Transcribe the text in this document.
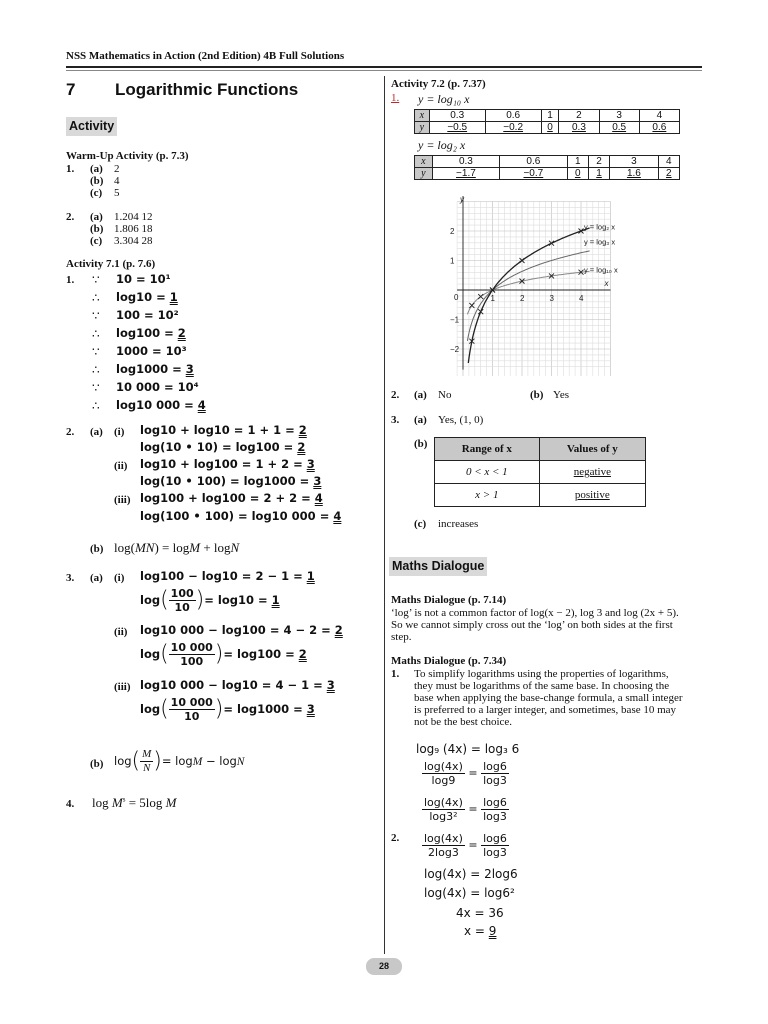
NSS Mathematics in Action (2nd Edition) 4B Full Solutions
7 Logarithmic Functions
Activity
Warm-Up Activity (p. 7.3)
1. (a) 2
(b) 4
(c) 5
2. (a) 1.204 12
(b) 1.806 18
(c) 3.304 28
Activity 7.1 (p. 7.6)
1. ∵ 10 = 10¹
∴ log10 = 1
∵ 100 = 10²
∴ log100 = 2
∵ 1000 = 10³
∴ log1000 = 3
∵ 10 000 = 10⁴
∴ log10 000 = 4
2. (a) (i) log10 + log10 = 1 + 1 = 2
log(10 • 10) = log100 = 2
(ii) log10 + log100 = 1 + 2 = 3
log(10 • 100) = log1000 = 3
(iii) log100 + log100 = 2 + 2 = 4
log(100 • 100) = log10 000 = 4
(b) log(MN) = logM + logN
3. (a) (i) log100 − log10 = 2 − 1 = 1
$\log( \frac{100}{10}$ )= log10 = 1
(ii) log10 000 − log100 = 4 − 2 = 2
$\log( \frac{10 000}{100}$ )= log100 = 2
(iii) log10 000 − log10 = 4 − 1 = 3
$\log( \frac{10 000}{10}$ )= log1000 = 3
(b) $\log( \frac{M}{N}$ )= logM − logN
4. $\log M^s = 5\log$ M
Activity 7.2 (p. 7.37)
1.	y = log₁₀ x
x	0.3	0.6	1	2	3	4
y	−0.5	−0.2	0	0.3	0.5	0.6
y = log₂ x
x	0.3	0.6	1	2	3	4
y	−1.7	−0.7	0	1	1.6	2
y
x
0	1	2	3	4
2
1
−1
−2
y = log₂ x
y = log₃ x
y = log₁₀ x
2. (a) No	(b) Yes
3. (a) Yes, (1, 0)
(b)	Range of x	Values of y
0 < x < 1	negative
x > 1	positive
(c) increases
Maths Dialogue
Maths Dialogue (p. 7.14)
‘log’ is not a common factor of log(x − 2), log 3 and log (2x + 5).
So we cannot simply cross out the ‘log’ on both sides at the first
step.
Maths Dialogue (p. 7.34)
1. To simplify logarithms using the properties of logarithms,
they must be logarithms of the same base. In choosing the
base when applying the base-change formula, a small integer
is preferred to a larger integer, and sometimes, base 10 may
not be the best choice.
log₉ (4x) = log₃ 6
$\frac{\log(4x)}{\log 9} = \frac{\log 6}{\log 3}$
$\frac{\log(4x)}{\text{log3²}} = \frac{\log 6}{\log 3}$
2. $\frac{\log(4x)}{2\log 3} = \frac{\log 6}{\log 3}$
log(4x) = 2log6
log(4x) = log6²
4x = 36
x = 9
28
